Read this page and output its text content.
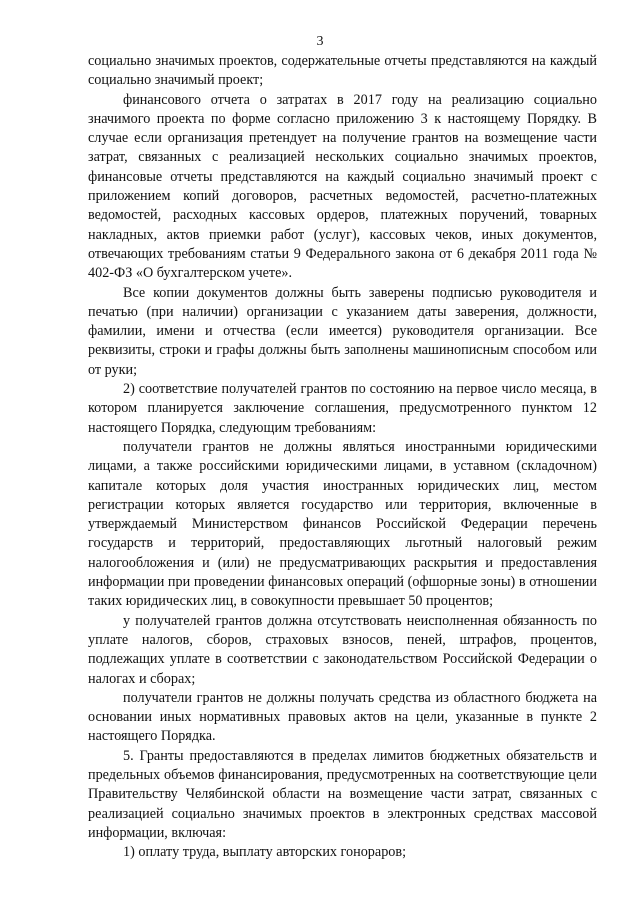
3

социально значимых проектов, содержательные отчеты представляются на каждый социально значимый проект;

финансового отчета о затратах в 2017 году на реализацию социально значимого проекта по форме согласно приложению 3 к настоящему Порядку. В случае если организация претендует на получение грантов на возмещение части затрат, связанных с реализацией нескольких социально значимых проектов, финансовые отчеты представляются на каждый социально значимый проект с приложением копий договоров, расчетных ведомостей, расчетно-платежных ведомостей, расходных кассовых ордеров, платежных поручений, товарных накладных, актов приемки работ (услуг), кассовых чеков, иных документов, отвечающих требованиям статьи 9 Федерального закона от 6 декабря 2011 года № 402-ФЗ «О бухгалтерском учете».

Все копии документов должны быть заверены подписью руководителя и печатью (при наличии) организации с указанием даты заверения, должности, фамилии, имени и отчества (если имеется) руководителя организации. Все реквизиты, строки и графы должны быть заполнены машинописным способом или от руки;

2) соответствие получателей грантов по состоянию на первое число месяца, в котором планируется заключение соглашения, предусмотренного пунктом 12 настоящего Порядка, следующим требованиям:

получатели грантов не должны являться иностранными юридическими лицами, а также российскими юридическими лицами, в уставном (складочном) капитале которых доля участия иностранных юридических лиц, местом регистрации которых является государство или территория, включенные в утверждаемый Министерством финансов Российской Федерации перечень государств и территорий, предоставляющих льготный налоговый режим налогообложения и (или) не предусматривающих раскрытия и предоставления информации при проведении финансовых операций (офшорные зоны) в отношении таких юридических лиц, в совокупности превышает 50 процентов;

у получателей грантов должна отсутствовать неисполненная обязанность по уплате налогов, сборов, страховых взносов, пеней, штрафов, процентов, подлежащих уплате в соответствии с законодательством Российской Федерации о налогах и сборах;

получатели грантов не должны получать средства из областного бюджета на основании иных нормативных правовых актов на цели, указанные в пункте 2 настоящего Порядка.

5. Гранты предоставляются в пределах лимитов бюджетных обязательств и предельных объемов финансирования, предусмотренных на соответствующие цели Правительству Челябинской области на возмещение части затрат, связанных с реализацией социально значимых проектов в электронных средствах массовой информации, включая:

1) оплату труда, выплату авторских гонораров;
